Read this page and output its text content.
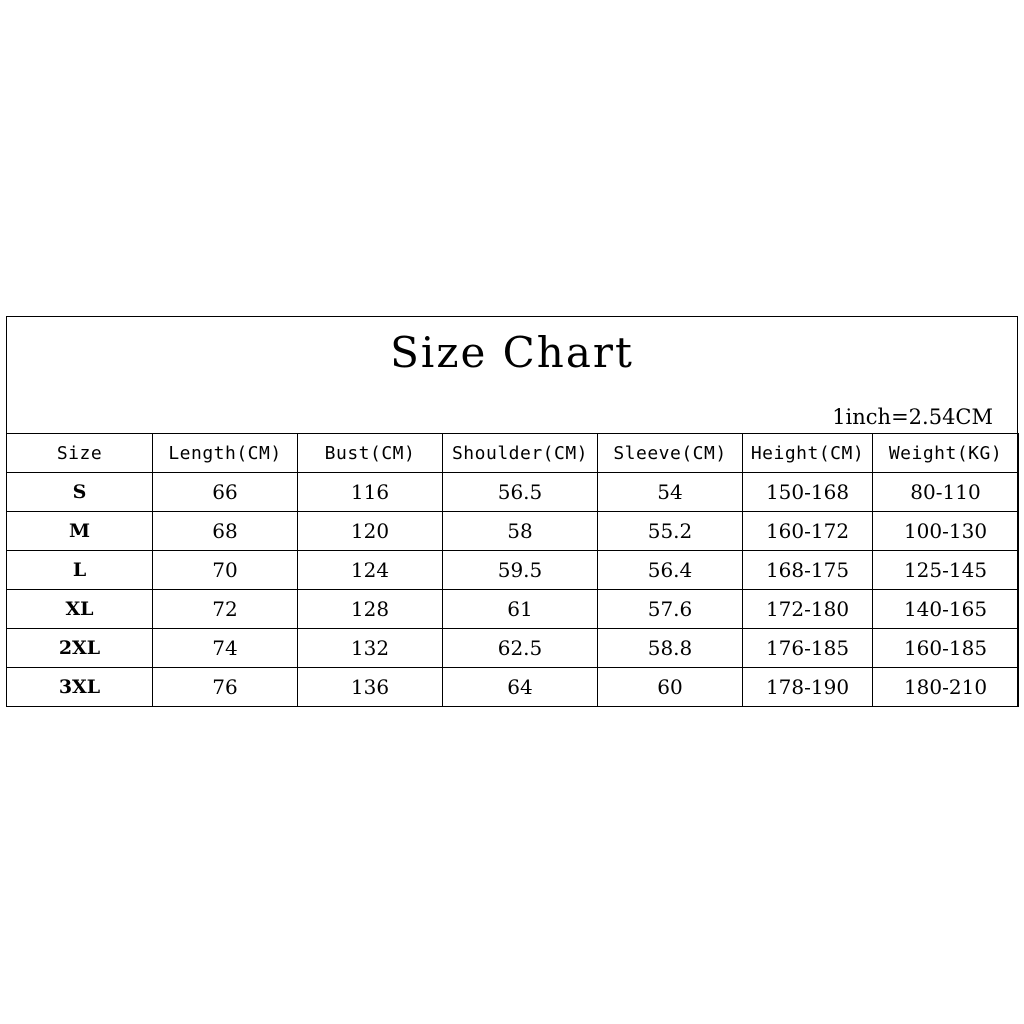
Size Chart
1inch=2.54CM
Size	Length(CM)	Bust(CM)	Shoulder(CM)	Sleeve(CM)	Height(CM)	Weight(KG)
S	66	116	56.5	54	150-168	80-110
M	68	120	58	55.2	160-172	100-130
L	70	124	59.5	56.4	168-175	125-145
XL	72	128	61	57.6	172-180	140-165
2XL	74	132	62.5	58.8	176-185	160-185
3XL	76	136	64	60	178-190	180-210
